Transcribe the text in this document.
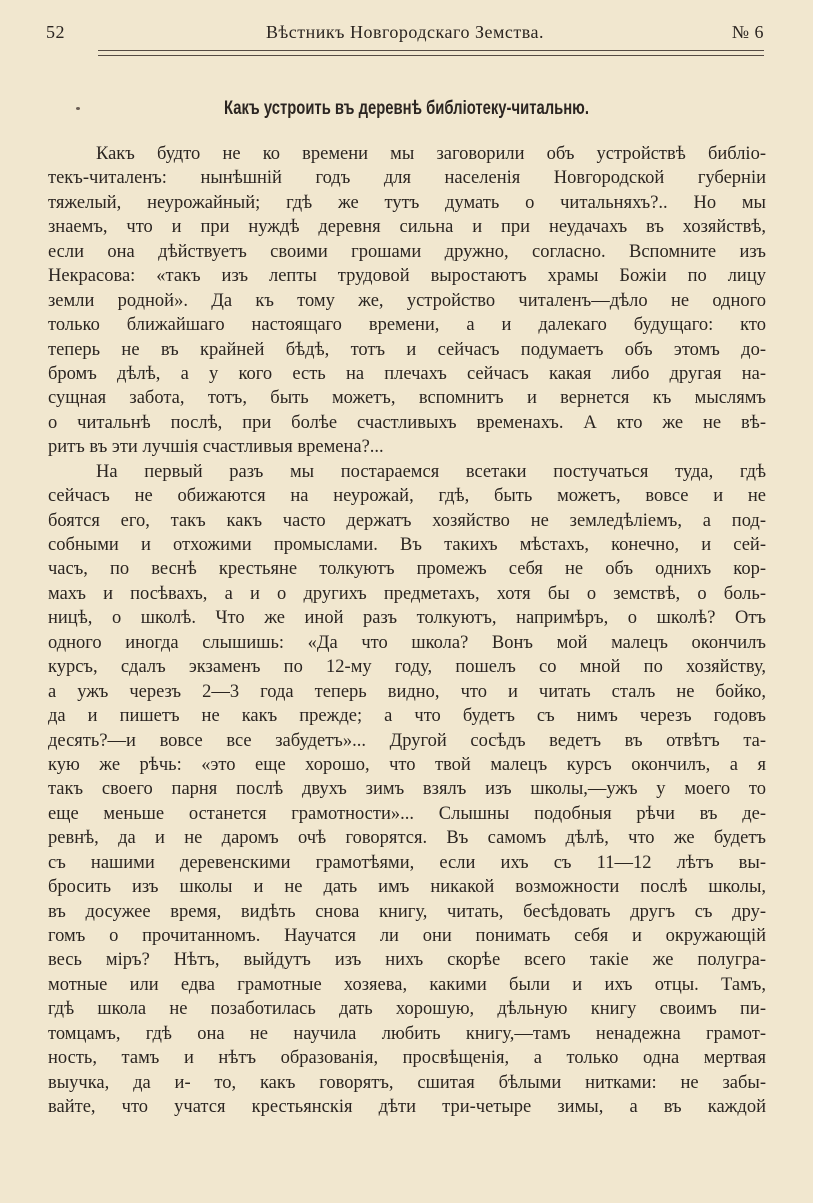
52	Вѣстникъ Новгородскаго Земства.	№ 6
Какъ устроить въ деревнѣ библіотеку-читальню.
Какъ будто не ко времени мы заговорили объ устройствѣ библіо-
текъ-читаленъ: нынѣшній годъ для населенія Новгородской губерніи
тяжелый, неурожайный; гдѣ же тутъ думать о читальняхъ?.. Но мы
знаемъ, что и при нуждѣ деревня сильна и при неудачахъ въ хозяйствѣ,
если она дѣйствуетъ своими грошами дружно, согласно. Вспомните изъ
Некрасова: «такъ изъ лепты трудовой выростаютъ храмы Божіи по лицу
земли родной». Да къ тому же, устройство читаленъ—дѣло не одного
только ближайшаго настоящаго времени, а и далекаго будущаго: кто
теперь не въ крайней бѣдѣ, тотъ и сейчасъ подумаетъ объ этомъ до-
бромъ дѣлѣ, а у кого есть на плечахъ сейчасъ какая либо другая на-
сущная забота, тотъ, быть можетъ, вспомнитъ и вернется къ мыслямъ
о читальнѣ послѣ, при болѣе счастливыхъ временахъ. А кто же не вѣ-
ритъ въ эти лучшія счастливыя времена?...
На первый разъ мы постараемся всетаки постучаться туда, гдѣ
сейчасъ не обижаются на неурожай, гдѣ, быть можетъ, вовсе и не
боятся его, такъ какъ часто держатъ хозяйство не земледѣліемъ, а под-
собными и отхожими промыслами. Въ такихъ мѣстахъ, конечно, и сей-
часъ, по веснѣ крестьяне толкуютъ промежъ себя не объ однихъ кор-
махъ и посѣвахъ, а и о другихъ предметахъ, хотя бы о земствѣ, о боль-
ницѣ, о школѣ. Что же иной разъ толкуютъ, напримѣръ, о школѣ? Отъ
одного иногда слышишь: «Да что школа? Вонъ мой малецъ окончилъ
курсъ, сдалъ экзаменъ по 12-му году, пошелъ со мной по хозяйству,
а ужъ черезъ 2—3 года теперь видно, что и читать сталъ не бойко,
да и пишетъ не какъ прежде; а что будетъ съ нимъ черезъ годовъ
десять?—и вовсе все забудетъ»... Другой сосѣдъ ведетъ въ отвѣтъ та-
кую же рѣчь: «это еще хорошо, что твой малецъ курсъ окончилъ, а я
такъ своего парня послѣ двухъ зимъ взялъ изъ школы,—ужъ у моего то
еще меньше останется грамотности»... Слышны подобныя рѣчи въ де-
ревнѣ, да и не даромъ очѣ говорятся. Въ самомъ дѣлѣ, что же будетъ
съ нашими деревенскими грамотѣями, если ихъ съ 11—12 лѣтъ вы-
бросить изъ школы и не дать имъ никакой возможности послѣ школы,
въ досужее время, видѣть снова книгу, читать, бесѣдовать другъ съ дру-
гомъ о прочитанномъ. Научатся ли они понимать себя и окружающій
весь міръ? Нѣтъ, выйдутъ изъ нихъ скорѣе всего такіе же полугра-
мотные или едва грамотные хозяева, какими были и ихъ отцы. Тамъ,
гдѣ школа не позаботилась дать хорошую, дѣльную книгу своимъ пи-
томцамъ, гдѣ она не научила любить книгу,—тамъ ненадежна грамот-
ность, тамъ и нѣтъ образованія, просвѣщенія, а только одна мертвая
выучка, да и- то, какъ говорятъ, сшитая бѣлыми нитками: не забы-
вайте, что учатся крестьянскія дѣти три-четыре зимы, а въ каждой
